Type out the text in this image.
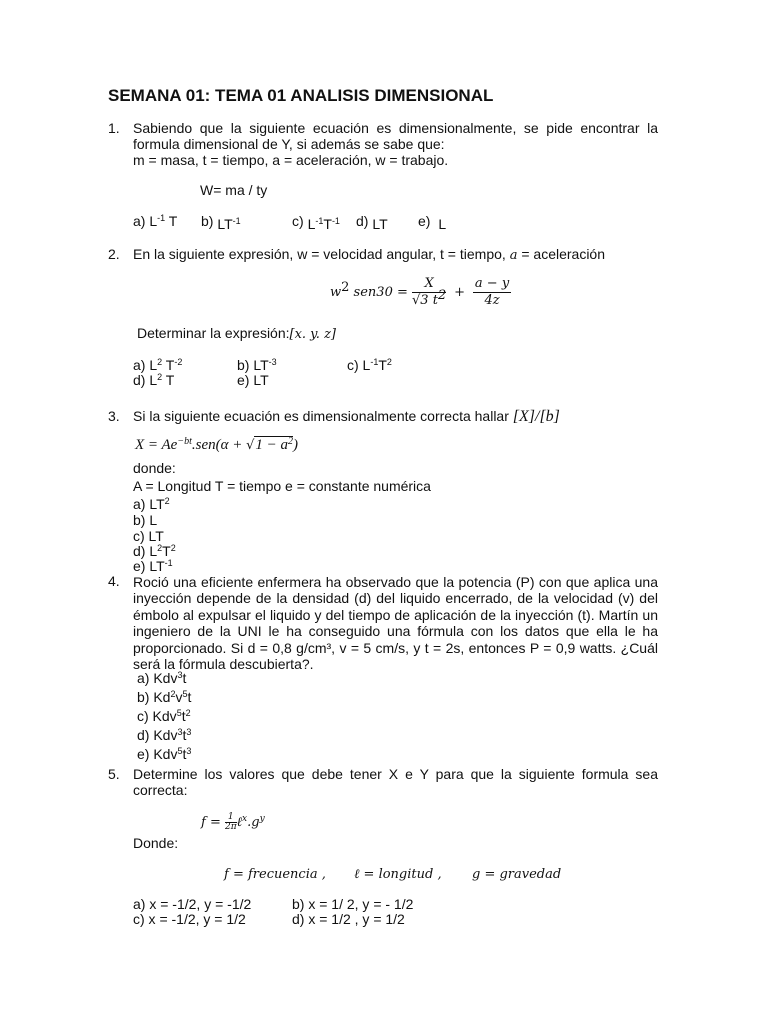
SEMANA 01: TEMA 01 ANALISIS DIMENSIONAL
1. Sabiendo que la siguiente ecuación es dimensionalmente, se pide encontrar la formula dimensional de Y, si además se sabe que:
m = masa, t = tiempo, a = aceleración, w = trabajo.
W= ma / ty
a) $L^{-1}$ T b) $LT^{-1}$	c) $L^{-1}T^{-1}$ d) LT e) L
2. En la siguiente expresión, w = velocidad angular, t = tiempo, a = aceleración
$w^2$ $sen30 = \frac{X}{√3 t^2} + \frac{a - y}{4z}$
Determinar la expresión:[x. y. z]
a) $L^2$ $T^{-2}$	b) $LT^{-3}$	c) $L^{-1}T^2$
d) $L^2$ T	e) LT
3. Si la siguiente ecuación es dimensionalmente correcta hallar [X]/[b]
$X = Ae^{-bt}.sen(\alpha + √1 - a^2)$
donde:
A = Longitud T = tiempo e = constante numérica
a) $LT^2$
b) L
c) LT
d) $L^2T^2$
e) $LT^{-1}$
4. Roció una eficiente enfermera ha observado que la potencia (P) con que aplica una inyección depende de la densidad (d) del liquido encerrado, de la velocidad (v) del émbolo al expulsar el liquido y del tiempo de aplicación de la inyección (t). Martín un ingeniero de la UNI le ha conseguido una fórmula con los datos que ella le ha proporcionado. Si d = 0,8 g/cm³, v = 5 cm/s, y t = 2s, entonces P = 0,9 watts. ¿Cuál será la fórmula descubierta?.
a) Kdv$^3$t
b) $Kd^2v^5t$
c) $Kdv^5t^2$
d) $Kdv^3t^3$
e) $Kdv^5t^3$
5. Determine los valores que debe tener X e Y para que la siguiente formula sea correcta:
$f = \frac{1}{2\pi}$ $\ell^x.g^y$
Donde:
f = frecuencia , ℓ = longitud , g = gravedad
a) x = -1/2, y = -1/2	b) x = 1/ 2, y = - 1/2
c) x = -1/2, y = 1/2	d) x = 1/2 , y = 1/2
